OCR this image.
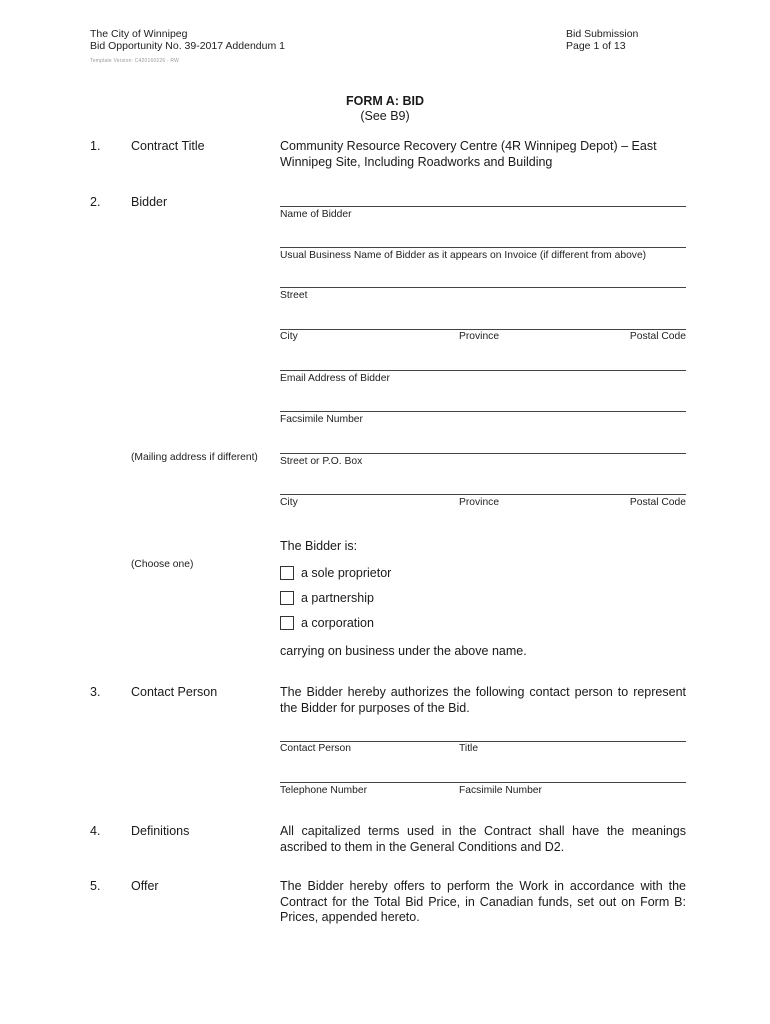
The City of Winnipeg
Bid Opportunity No. 39-2017 Addendum 1
Template Version: C420160226 - RW
Bid Submission
Page 1 of 13
FORM A: BID
(See B9)
1. Contract Title	Community Resource Recovery Centre (4R Winnipeg Depot) – East Winnipeg Site, Including Roadworks and Building
2. Bidder
Name of Bidder
Usual Business Name of Bidder as it appears on Invoice (if different from above)
Street
City	Province	Postal Code
Email Address of Bidder
Facsimile Number
(Mailing address if different) Street or P.O. Box
City	Province	Postal Code
The Bidder is:
(Choose one)
a sole proprietor
a partnership
a corporation
carrying on business under the above name.
3. Contact Person	The Bidder hereby authorizes the following contact person to represent the Bidder for purposes of the Bid.
Contact Person	Title
Telephone Number	Facsimile Number
4. Definitions	All capitalized terms used in the Contract shall have the meanings ascribed to them in the General Conditions and D2.
5. Offer	The Bidder hereby offers to perform the Work in accordance with the Contract for the Total Bid Price, in Canadian funds, set out on Form B: Prices, appended hereto.
